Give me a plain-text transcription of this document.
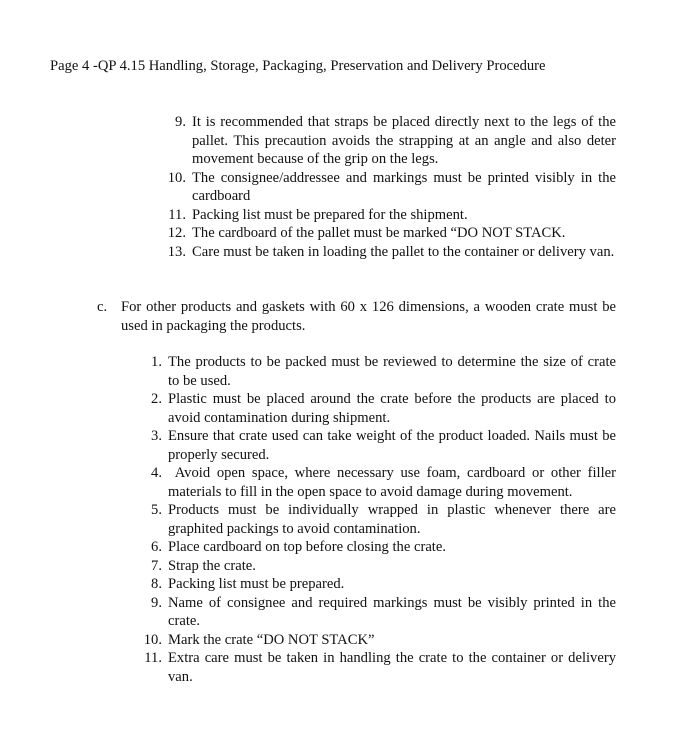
Page 4 -QP 4.15 Handling, Storage, Packaging, Preservation and Delivery Procedure
9. It is recommended that straps be placed directly next to the legs of the pallet. This precaution avoids the strapping at an angle and also deter movement because of the grip on the legs.
10. The consignee/addressee and markings must be printed visibly in the cardboard
11. Packing list must be prepared for the shipment.
12. The cardboard of the pallet must be marked “DO NOT STACK.
13. Care must be taken in loading the pallet to the container or delivery van.
c. For other products and gaskets with 60 x 126 dimensions, a wooden crate must be used in packaging the products.
1. The products to be packed must be reviewed to determine the size of crate to be used.
2. Plastic must be placed around the crate before the products are placed to avoid contamination during shipment.
3. Ensure that crate used can take weight of the product loaded. Nails must be properly secured.
4. Avoid open space, where necessary use foam, cardboard or other filler materials to fill in the open space to avoid damage during movement.
5. Products must be individually wrapped in plastic whenever there are graphited packings to avoid contamination.
6. Place cardboard on top before closing the crate.
7. Strap the crate.
8. Packing list must be prepared.
9. Name of consignee and required markings must be visibly printed in the crate.
10. Mark the crate “DO NOT STACK”
11. Extra care must be taken in handling the crate to the container or delivery van.
